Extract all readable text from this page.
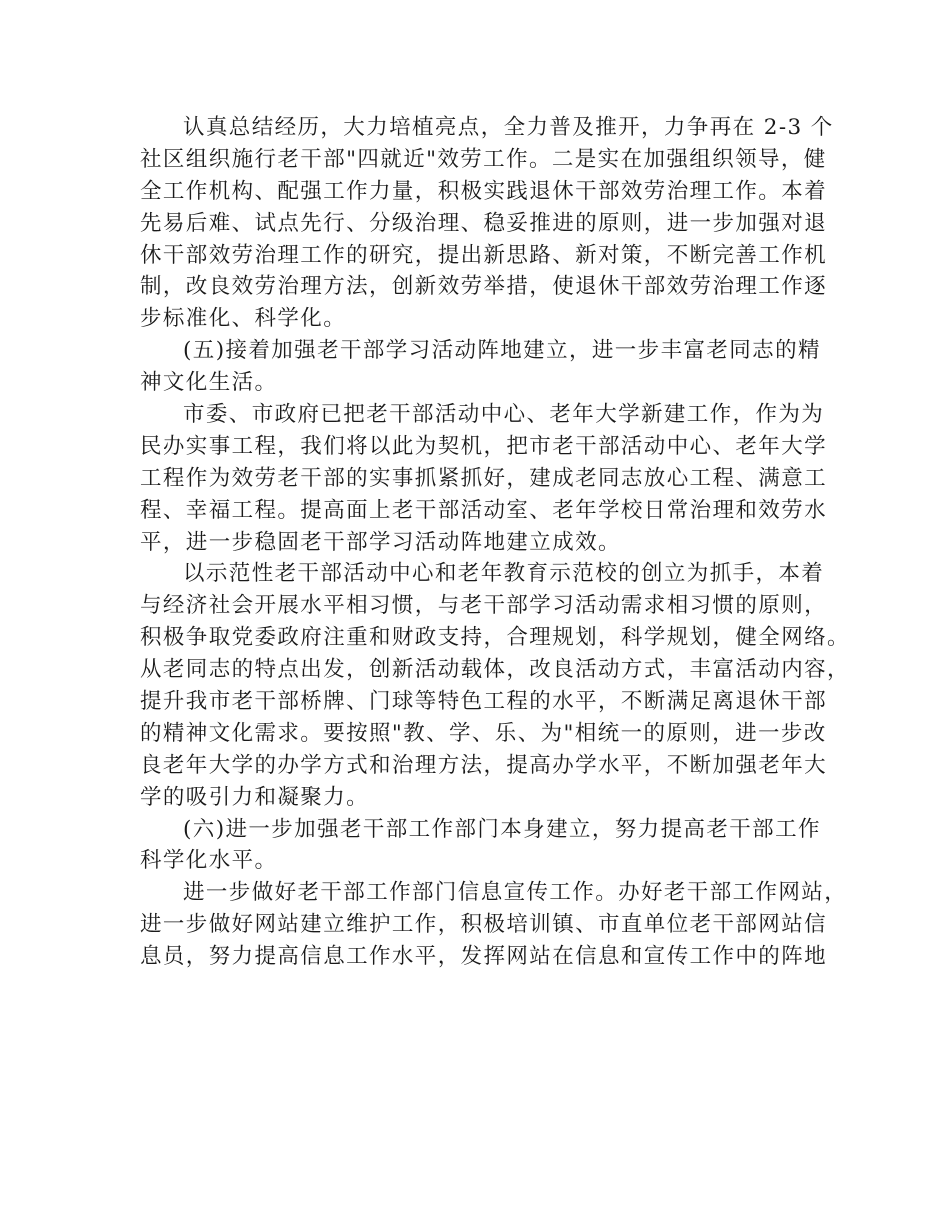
认真总结经历，大力培植亮点，全力普及推开，力争再在 2-3 个
社区组织施行老干部"四就近"效劳工作。二是实在加强组织领导，健
全工作机构、配强工作力量，积极实践退休干部效劳治理工作。本着
先易后难、试点先行、分级治理、稳妥推进的原则，进一步加强对退
休干部效劳治理工作的研究，提出新思路、新对策，不断完善工作机
制，改良效劳治理方法，创新效劳举措，使退休干部效劳治理工作逐
步标准化、科学化。
(五)接着加强老干部学习活动阵地建立，进一步丰富老同志的精
神文化生活。
市委、市政府已把老干部活动中心、老年大学新建工作，作为为
民办实事工程，我们将以此为契机，把市老干部活动中心、老年大学
工程作为效劳老干部的实事抓紧抓好，建成老同志放心工程、满意工
程、幸福工程。提高面上老干部活动室、老年学校日常治理和效劳水
平，进一步稳固老干部学习活动阵地建立成效。
以示范性老干部活动中心和老年教育示范校的创立为抓手，本着
与经济社会开展水平相习惯，与老干部学习活动需求相习惯的原则，
积极争取党委政府注重和财政支持，合理规划，科学规划，健全网络。
从老同志的特点出发，创新活动载体，改良活动方式，丰富活动内容，
提升我市老干部桥牌、门球等特色工程的水平，不断满足离退休干部
的精神文化需求。要按照"教、学、乐、为"相统一的原则，进一步改
良老年大学的办学方式和治理方法，提高办学水平，不断加强老年大
学的吸引力和凝聚力。
(六)进一步加强老干部工作部门本身建立，努力提高老干部工作
科学化水平。
进一步做好老干部工作部门信息宣传工作。办好老干部工作网站，
进一步做好网站建立维护工作，积极培训镇、市直单位老干部网站信
息员，努力提高信息工作水平，发挥网站在信息和宣传工作中的阵地
